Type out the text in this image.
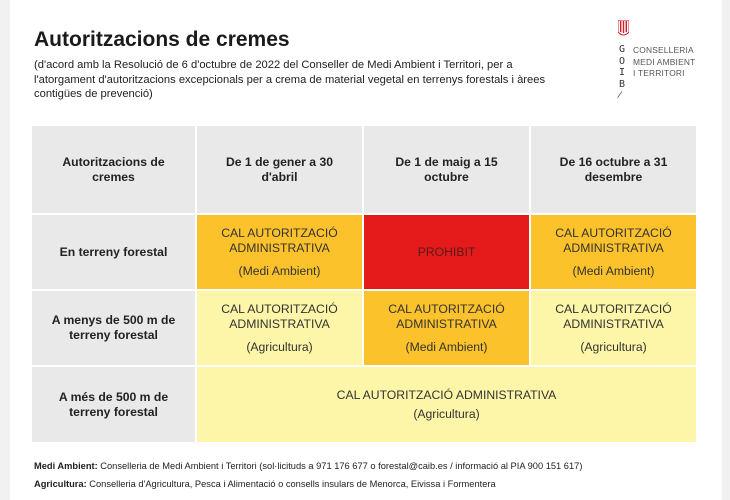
Autoritzacions de cremes
(d'acord amb la Resolució de 6 d'octubre de 2022 del Conseller de Medi Ambient i Territori, per a l'atorgament d'autoritzacions excepcionals per a crema de material vegetal en terrenys forestals i àrees contigües de prevenció)
G
O
I
B
/
CONSELLERIA
MEDI AMBIENT
I TERRITORI
Autoritzacions de cremes
De 1 de gener a 30 d'abril
De 1 de maig a 15 octubre
De 16 octubre a 31 desembre
En terreny forestal
CAL AUTORITZACIÓ
ADMINISTRATIVA
(Medi Ambient)
PROHIBIT
CAL AUTORITZACIÓ
ADMINISTRATIVA
(Medi Ambient)
A menys de 500 m de terreny forestal
CAL AUTORITZACIÓ
ADMINISTRATIVA
(Agricultura)
CAL AUTORITZACIÓ
ADMINISTRATIVA
(Medi Ambient)
CAL AUTORITZACIÓ
ADMINISTRATIVA
(Agricultura)
A més de 500 m de terreny forestal
CAL AUTORITZACIÓ ADMINISTRATIVA
(Agricultura)
Medi Ambient: Conselleria de Medi Ambient i Territori (sol·licituds a 971 176 677 o forestal@caib.es / informació al PIA 900 151 617)
Agricultura: Conselleria d'Agricultura, Pesca i Alimentació o consells insulars de Menorca, Eivissa i Formentera
